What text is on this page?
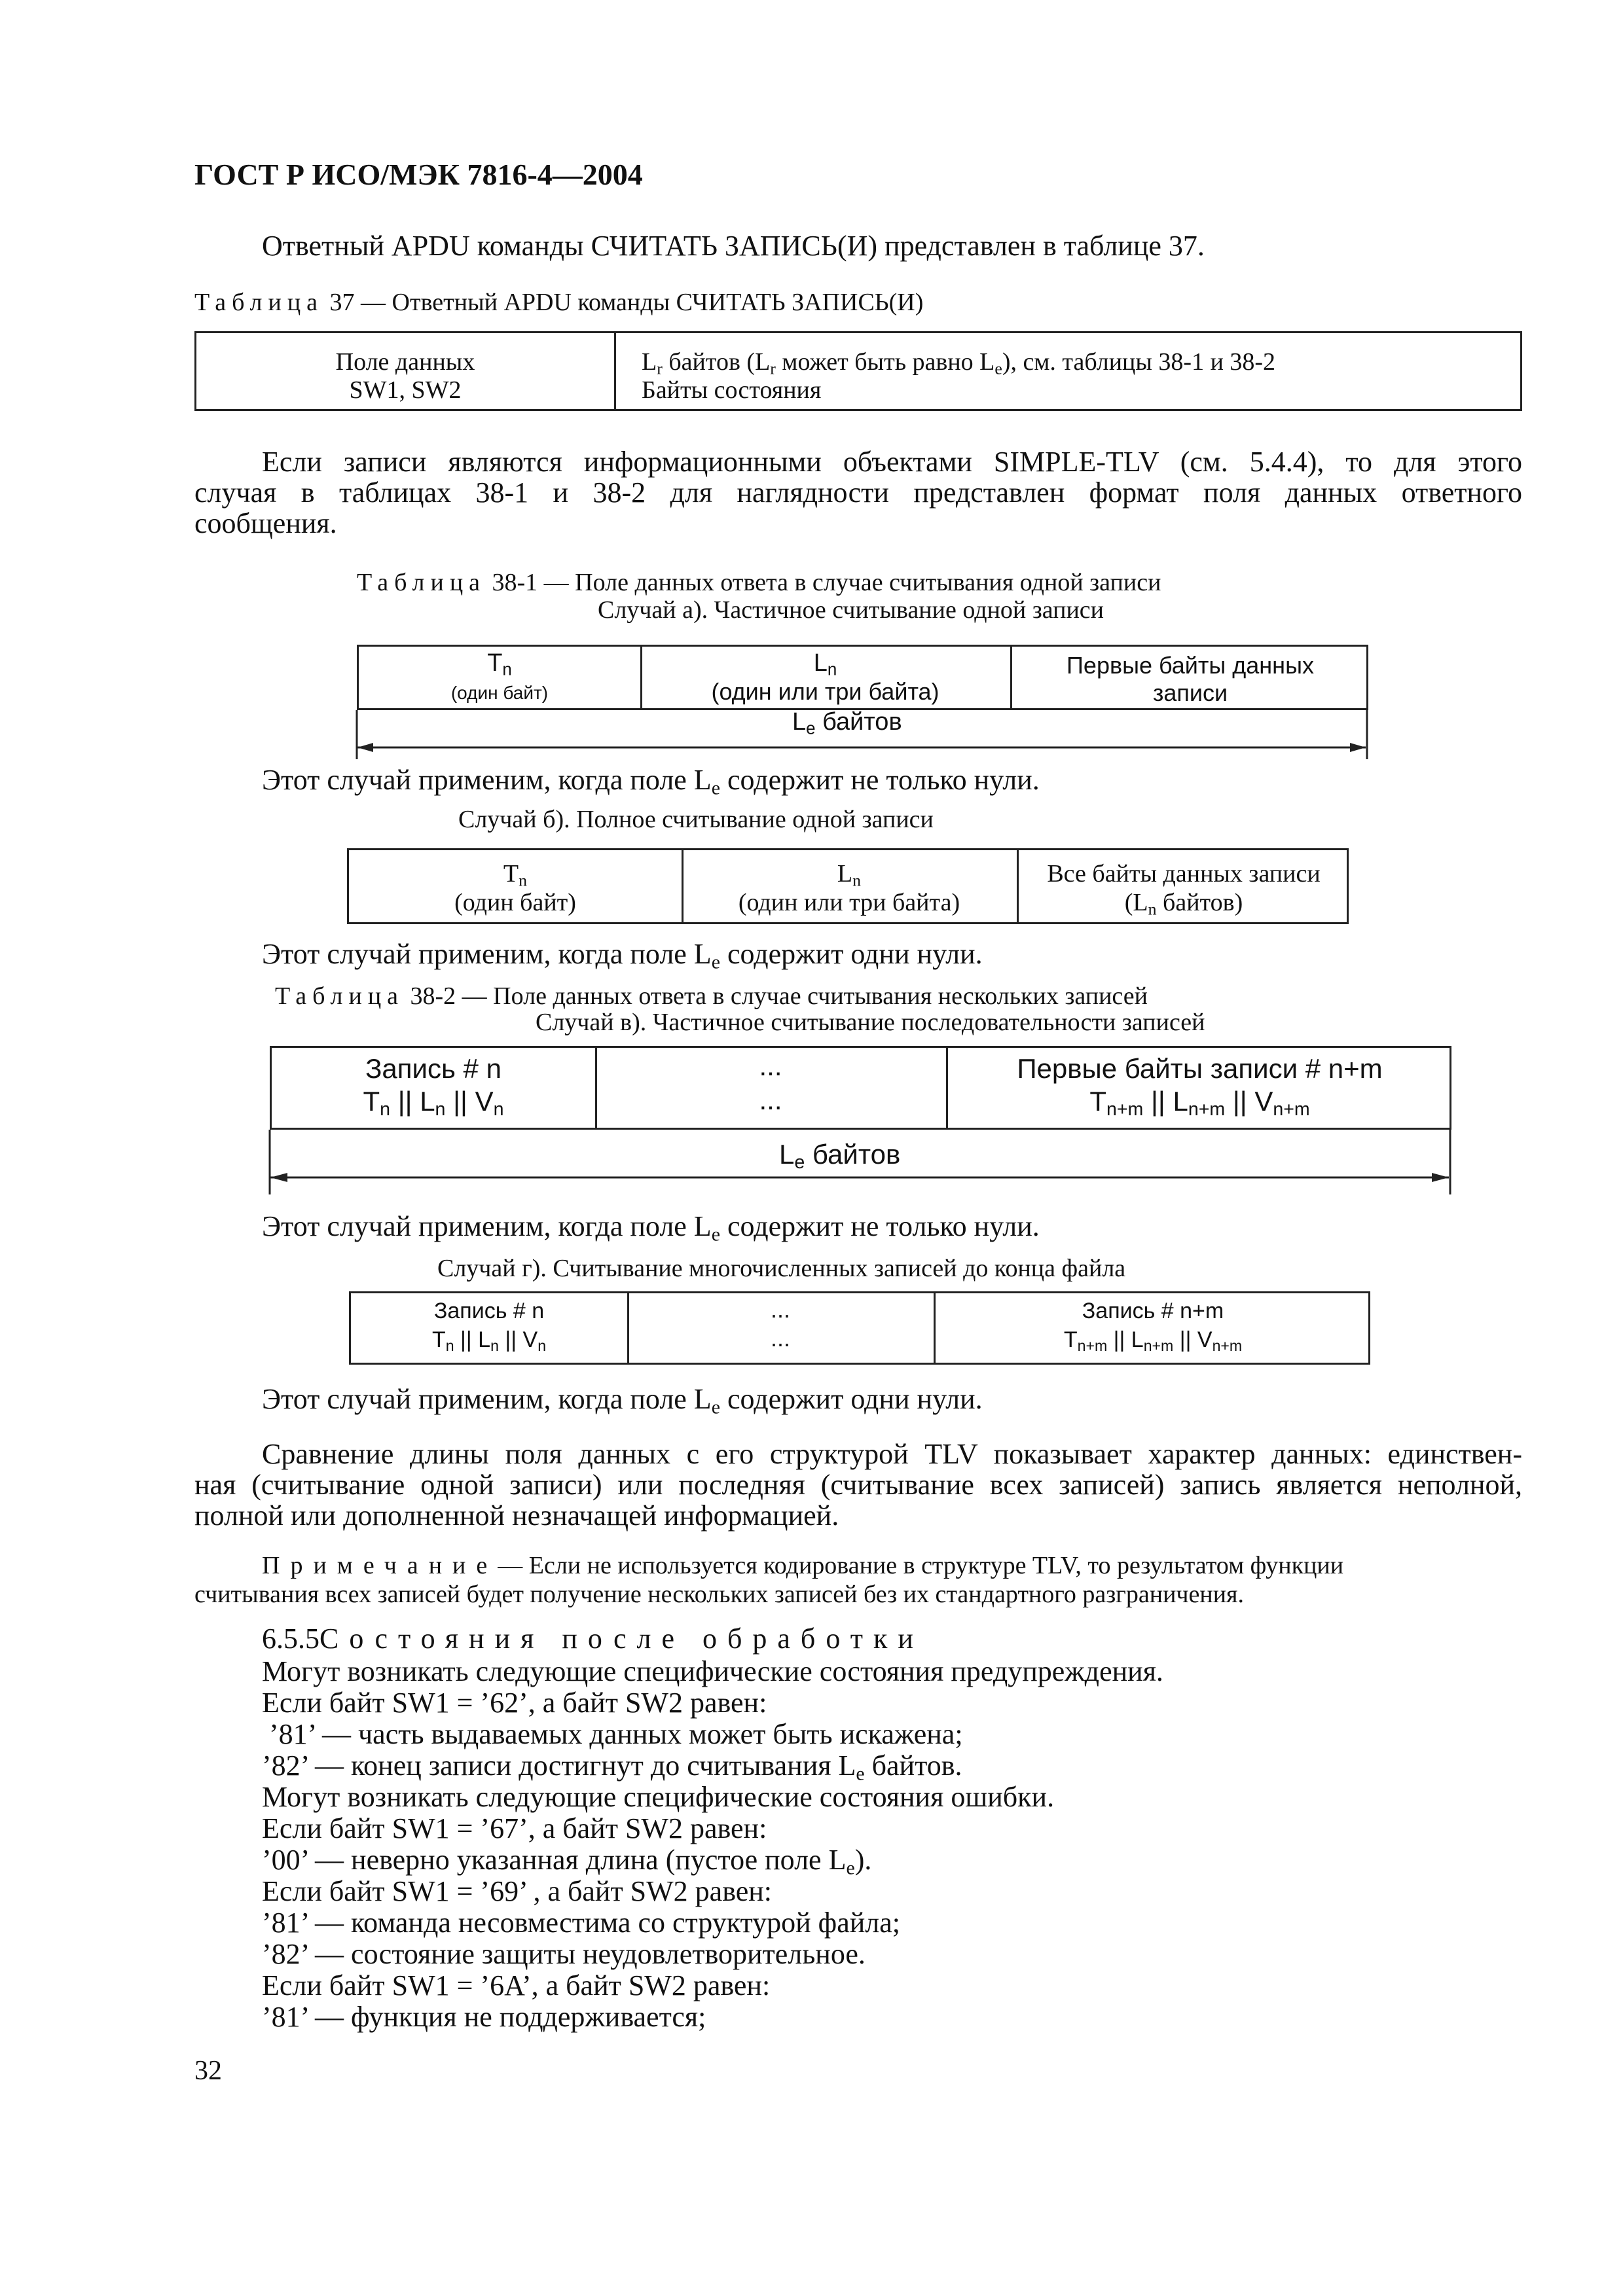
ГОСТ Р ИСО/МЭК 7816-4—2004
Ответный APDU команды СЧИТАТЬ ЗАПИСЬ(И) представлен в таблице 37.
Таблица 37 — Ответный APDU команды СЧИТАТЬ ЗАПИСЬ(И)
Поле данных
SW1, SW2
$L_r$ байтов ($L_r$ может быть равно $L_e$), см. таблицы 38-1 и 38-2
Байты состояния
Если записи являются информационными объектами SIMPLE-TLV (см. 5.4.4), то для этого
случая в таблицах 38-1 и 38-2 для наглядности представлен формат поля данных ответного
сообщения.
Таблица 38-1 — Поле данных ответа в случае считывания одной записи
Случай а). Частичное считывание одной записи
$T_n$
(один байт)
$L_n$
(один или три байта)
Первые байты данных
записи
$L_e$ байтов
Этот случай применим, когда поле $L_e$ содержит не только нули.
Случай б). Полное считывание одной записи
$T_n$
(один байт)
$L_n$
(один или три байта)
Все байты данных записи
($L_n$ байтов)
Этот случай применим, когда поле $L_e$ содержит одни нули.
Таблица 38-2 — Поле данных ответа в случае считывания нескольких записей
Случай в). Частичное считывание последовательности записей
Запись # n
$T_n$ || $L_n$ || $V_n$
...
...
Первые байты записи # n+m
$T_{n+m}$ || $L_{n+m}$ || $V_{n+m}$
$L_e$ байтов
Этот случай применим, когда поле $L_e$ содержит не только нули.
Случай г). Считывание многочисленных записей до конца файла
Запись # n
$T_n$ || $L_n$ || $V_n$
...
...
Запись # n+m
$T_{n+m}$ || $L_{n+m}$ || $V_{n+m}$
Этот случай применим, когда поле $L_e$ содержит одни нули.
Сравнение длины поля данных с его структурой TLV показывает характер данных: единствен-
ная (считывание одной записи) или последняя (считывание всех записей) запись является неполной,
полной или дополненной незначащей информацией.
Примечание— Если не используется кодирование в структуре TLV, то результатом функции
считывания всех записей будет получение нескольких записей без их стандартного разграничения.
6.5.5Состояния после обработки
Могут возникать следующие специфические состояния предупреждения.
Если байт SW1 = ’62’, а байт SW2 равен:
’81’ — часть выдаваемых данных может быть искажена;
’82’ — конец записи достигнут до считывания $L_e$ байтов.
Могут возникать следующие специфические состояния ошибки.
Если байт SW1 = ’67’, а байт SW2 равен:
’00’ — неверно указанная длина (пустое поле $L_e$).
Если байт SW1 = ’69’ , а байт SW2 равен:
’81’ — команда несовместима со структурой файла;
’82’ — состояние защиты неудовлетворительное.
Если байт SW1 = ’6A’, а байт SW2 равен:
’81’ — функция не поддерживается;
32
